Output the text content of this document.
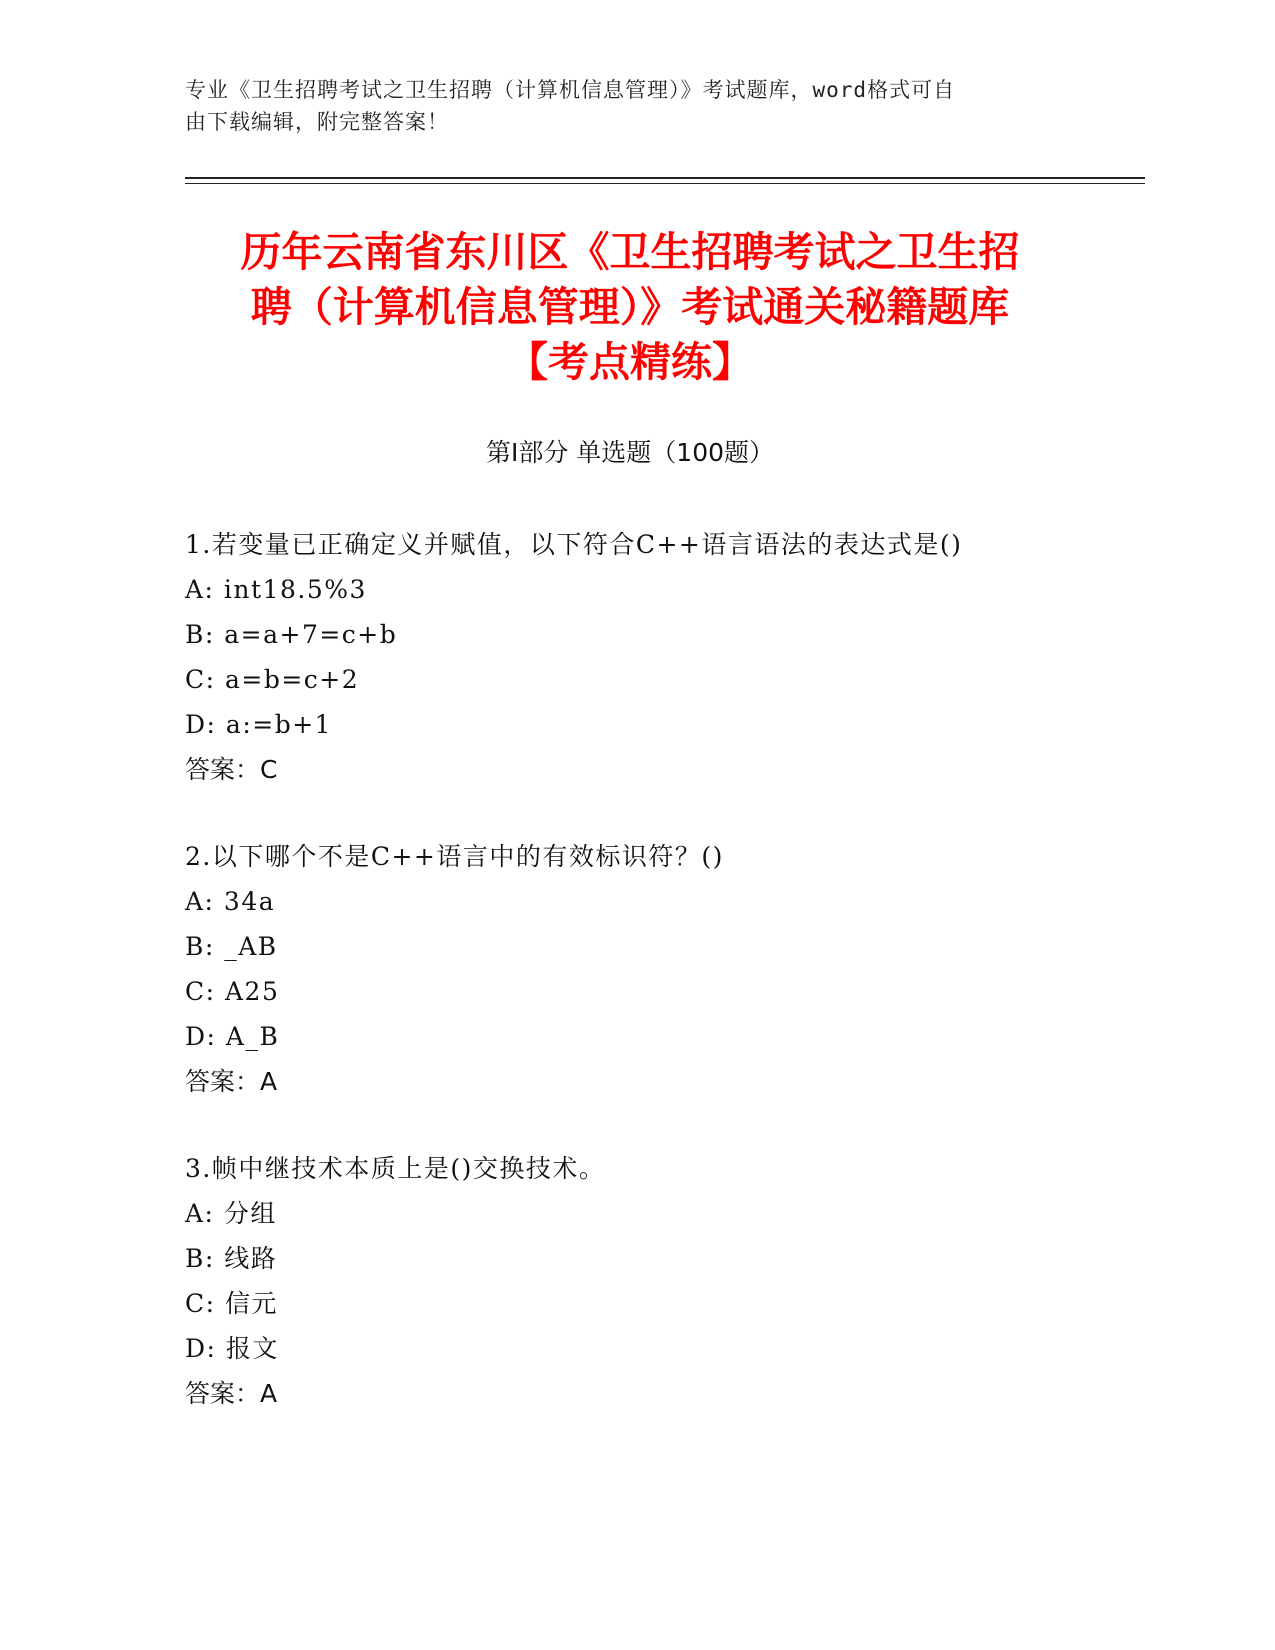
专业《卫生招聘考试之卫生招聘（计算机信息管理）》考试题库，word格式可自
由下载编辑，附完整答案！
历年云南省东川区《卫生招聘考试之卫生招
聘（计算机信息管理）》考试通关秘籍题库
【考点精练】
第Ⅰ部分 单选题（100题）
1.若变量已正确定义并赋值，以下符合C++语言语法的表达式是()
A: int18.5%3
B: a=a+7=c+b
C: a=b=c+2
D: a:=b+1
答案：C
2.以下哪个不是C++语言中的有效标识符？()
A: 34a
B: _AB
C: A25
D: A_B
答案：A
3.帧中继技术本质上是()交换技术。
A: 分组
B: 线路
C: 信元
D: 报文
答案：A
